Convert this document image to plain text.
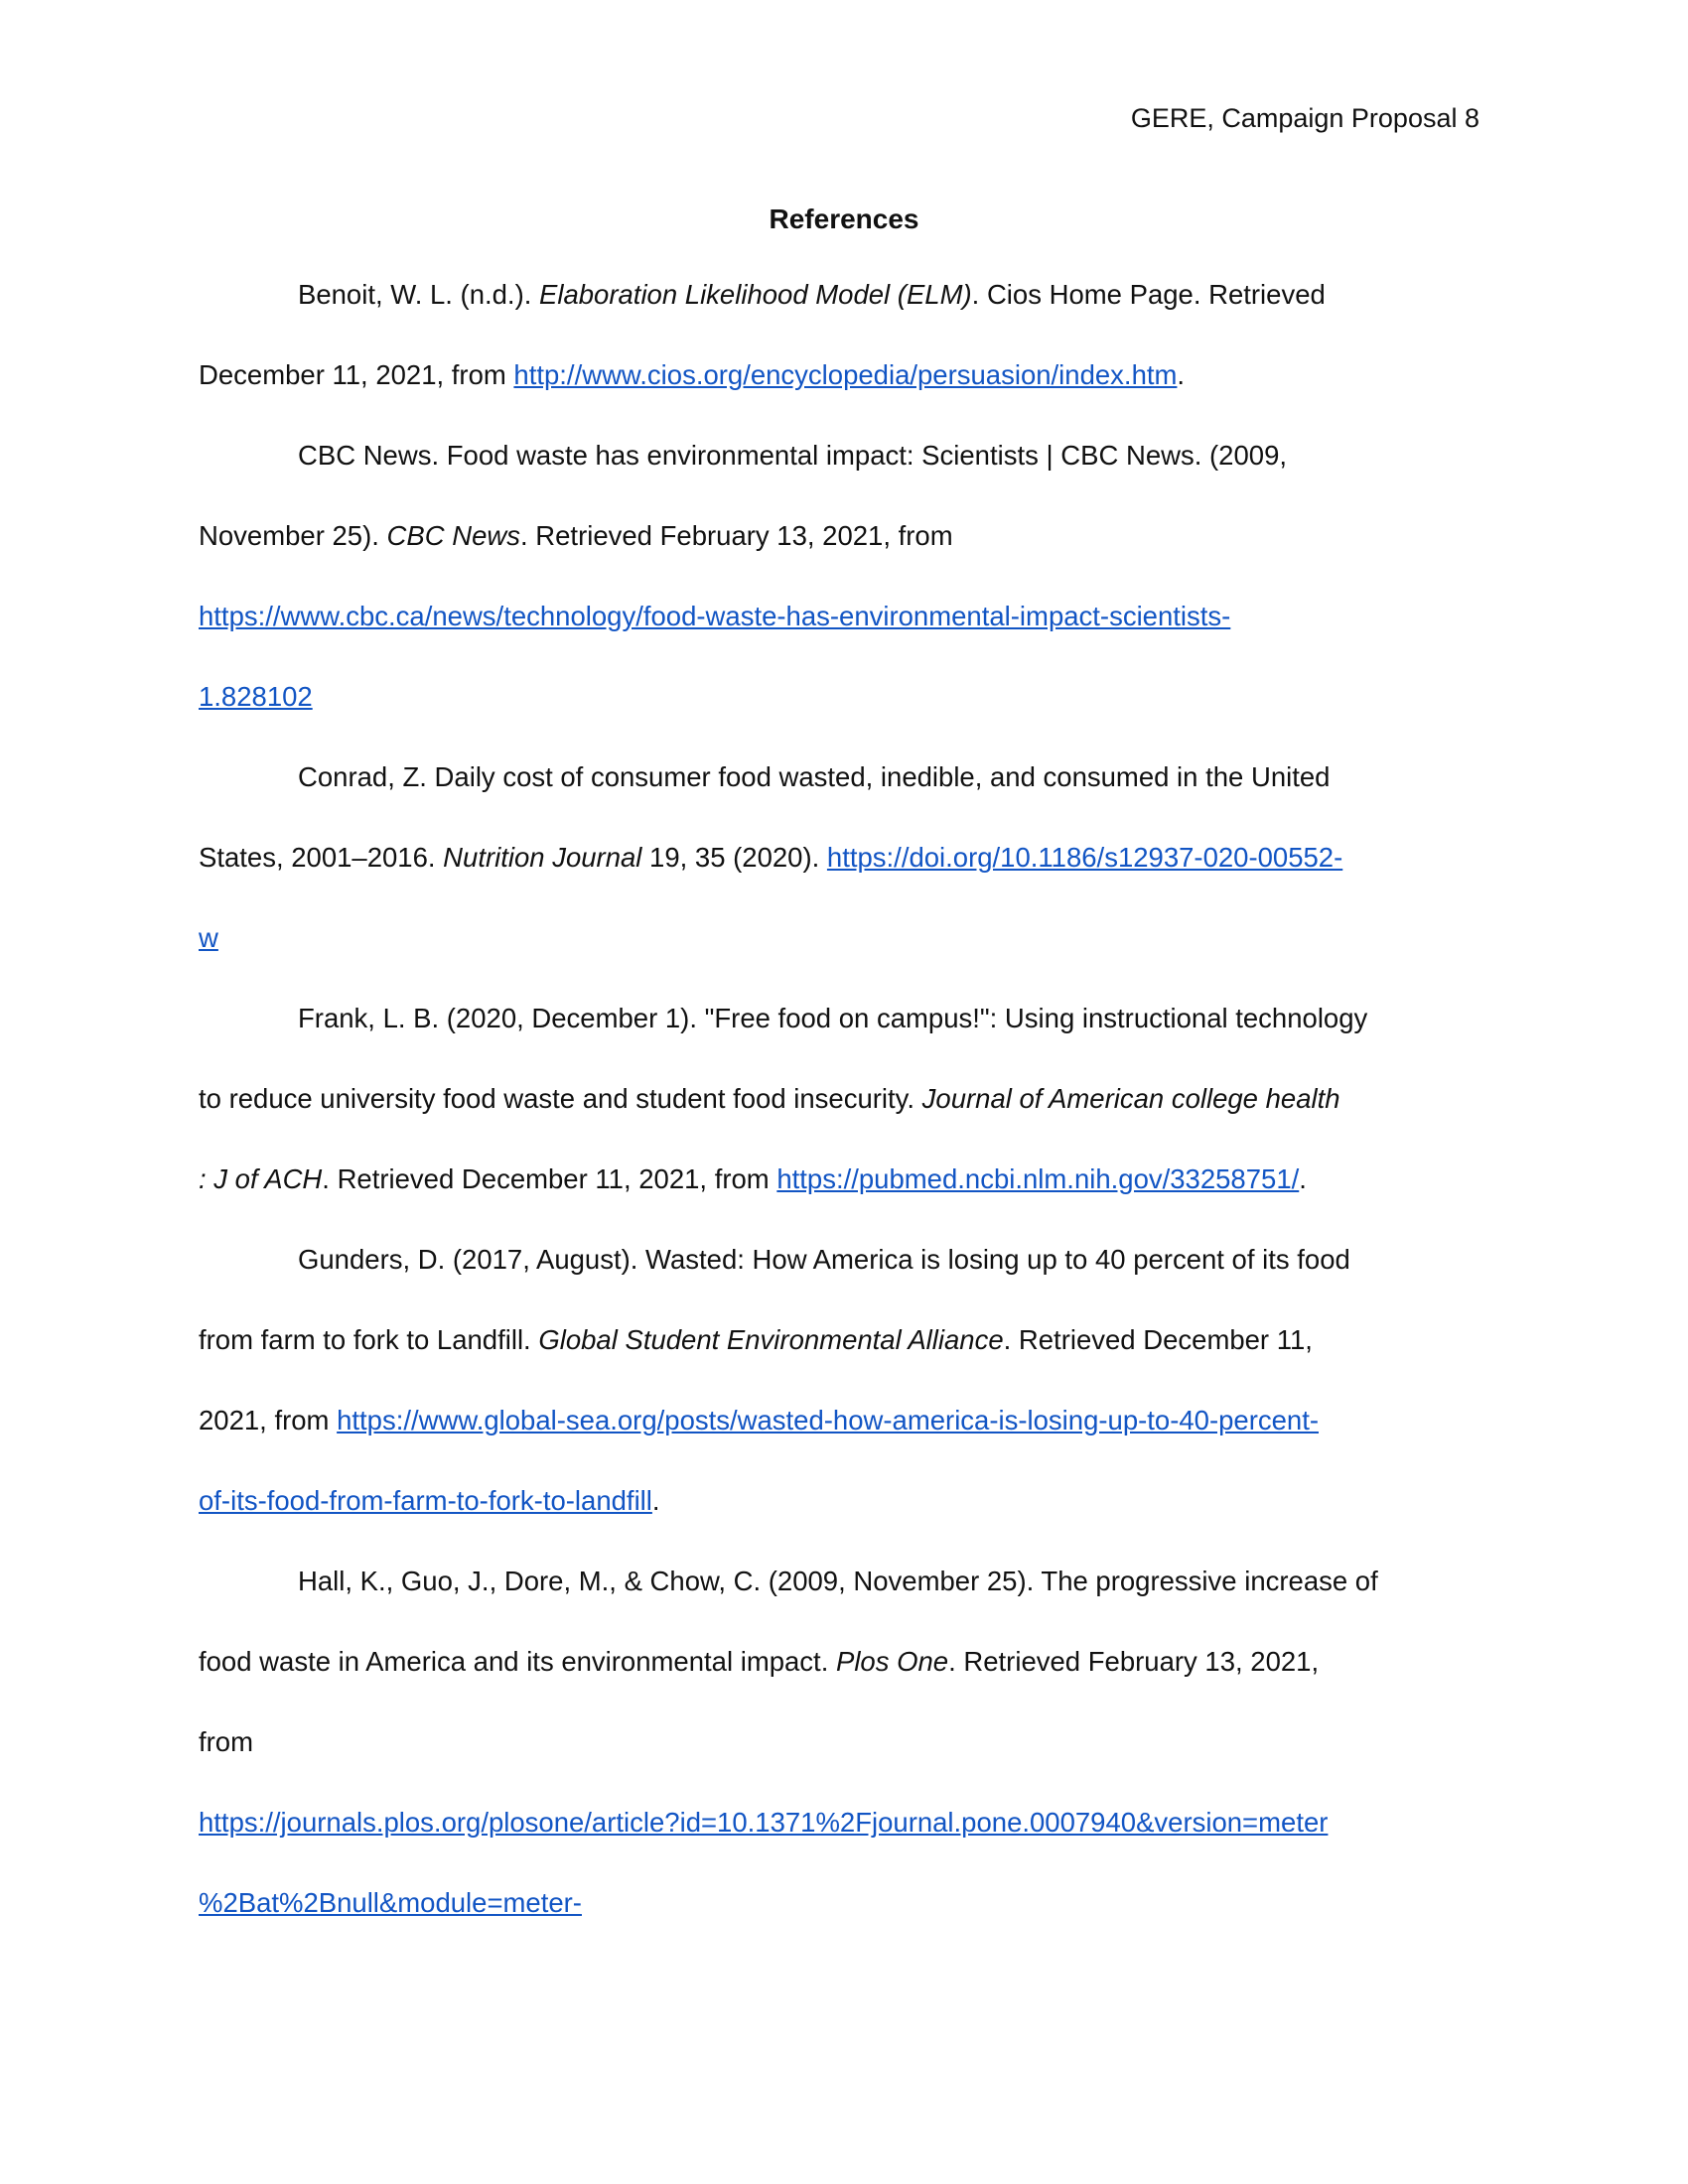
GERE, Campaign Proposal 8
References
Benoit, W. L. (n.d.). Elaboration Likelihood Model (ELM). Cios Home Page. Retrieved
December 11, 2021, from http://www.cios.org/encyclopedia/persuasion/index.htm.
CBC News. Food waste has environmental impact: Scientists | CBC News. (2009,
November 25). CBC News. Retrieved February 13, 2021, from
https://www.cbc.ca/news/technology/food-waste-has-environmental-impact-scientists-
1.828102
Conrad, Z. Daily cost of consumer food wasted, inedible, and consumed in the United
States, 2001–2016. Nutrition Journal 19, 35 (2020). https://doi.org/10.1186/s12937-020-00552-
w
Frank, L. B. (2020, December 1). "Free food on campus!": Using instructional technology
to reduce university food waste and student food insecurity. Journal of American college health
: J of ACH. Retrieved December 11, 2021, from https://pubmed.ncbi.nlm.nih.gov/33258751/.
Gunders, D. (2017, August). Wasted: How America is losing up to 40 percent of its food
from farm to fork to Landfill. Global Student Environmental Alliance. Retrieved December 11,
2021, from https://www.global-sea.org/posts/wasted-how-america-is-losing-up-to-40-percent-
of-its-food-from-farm-to-fork-to-landfill.
Hall, K., Guo, J., Dore, M., & Chow, C. (2009, November 25). The progressive increase of
food waste in America and its environmental impact. Plos One. Retrieved February 13, 2021,
from
https://journals.plos.org/plosone/article?id=10.1371%2Fjournal.pone.0007940&version=meter
%2Bat%2Bnull&module=meter-
